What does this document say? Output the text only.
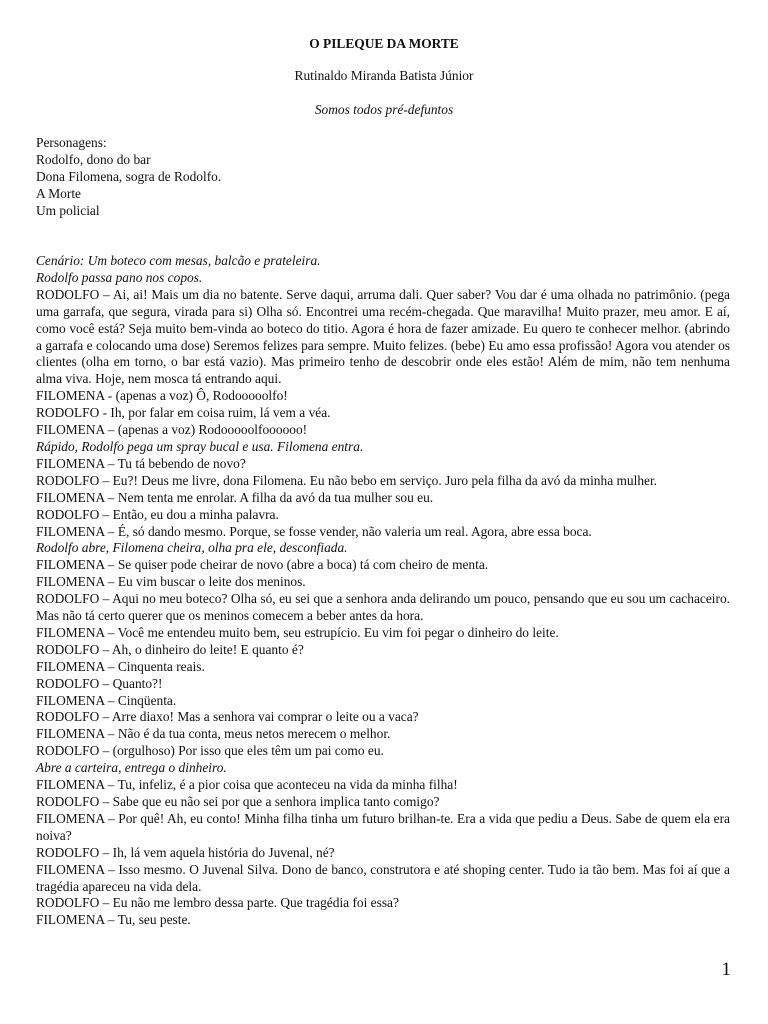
O PILEQUE DA MORTE
Rutinaldo Miranda Batista Júnior
Somos todos pré-defuntos
Personagens:
Rodolfo, dono do bar
Dona Filomena, sogra de Rodolfo.
A Morte
Um policial

Cenário: Um boteco com mesas, balcão e prateleira.

Rodolfo passa pano nos copos.

RODOLFO – Ai, ai! Mais um dia no batente. Serve daqui, arruma dali. Quer saber? Vou dar é uma olhada no patrimônio. (pega uma garrafa, que segura, virada para si) Olha só. Encontrei uma recém-chegada. Que maravilha! Muito prazer, meu amor. E aí, como você está? Seja muito bem-vinda ao boteco do titio. Agora é hora de fazer amizade. Eu quero te conhecer melhor. (abrindo a garrafa e colocando uma dose) Seremos felizes para sempre. Muito felizes. (bebe) Eu amo essa profissão! Agora vou atender os clientes (olha em torno, o bar está vazio). Mas primeiro tenho de descobrir onde eles estão! Além de mim, não tem nenhuma alma viva. Hoje, nem mosca tá entrando aqui.

FILOMENA - (apenas a voz) Ô, Rodooooolfo!

RODOLFO - Ih, por falar em coisa ruim, lá vem a véa.

FILOMENA – (apenas a voz) Rodooooolfoooooo!

Rápido, Rodolfo pega um spray bucal e usa. Filomena entra.

FILOMENA – Tu tá bebendo de novo?

RODOLFO – Eu?! Deus me livre, dona Filomena. Eu não bebo em serviço. Juro pela filha da avó da minha mulher.

FILOMENA – Nem tenta me enrolar. A filha da avó da tua mulher sou eu.

RODOLFO – Então, eu dou a minha palavra.

FILOMENA – É, só dando mesmo. Porque, se fosse vender, não valeria um real. Agora, abre essa boca.

Rodolfo abre, Filomena cheira, olha pra ele, desconfiada.

FILOMENA – Se quiser pode cheirar de novo (abre a boca) tá com cheiro de menta.

FILOMENA – Eu vim buscar o leite dos meninos.

RODOLFO – Aqui no meu boteco? Olha só, eu sei que a senhora anda delirando um pouco, pensando que eu sou um cachaceiro. Mas não tá certo querer que os meninos comecem a beber antes da hora.

FILOMENA – Você me entendeu muito bem, seu estrupício. Eu vim foi pegar o dinheiro do leite.

RODOLFO – Ah, o dinheiro do leite! E quanto é?

FILOMENA – Cinquenta reais.

RODOLFO – Quanto?!

FILOMENA – Cinqüenta.

RODOLFO – Arre diaxo! Mas a senhora vai comprar o leite ou a vaca?

FILOMENA – Não é da tua conta, meus netos merecem o melhor.

RODOLFO – (orgulhoso) Por isso que eles têm um pai como eu.

Abre a carteira, entrega o dinheiro.

FILOMENA – Tu, infeliz, é a pior coisa que aconteceu na vida da minha filha!

RODOLFO – Sabe que eu não sei por que a senhora implica tanto comigo?

FILOMENA – Por quê! Ah, eu conto! Minha filha tinha um futuro brilhan-te. Era a vida que pediu a Deus. Sabe de quem ela era noiva?

RODOLFO – Ih, lá vem aquela história do Juvenal, né?

FILOMENA – Isso mesmo. O Juvenal Silva. Dono de banco, construtora e até shoping center. Tudo ia tão bem. Mas foi aí que a tragédia apareceu na vida dela.

RODOLFO – Eu não me lembro dessa parte. Que tragédia foi essa?

FILOMENA – Tu, seu peste.

1
